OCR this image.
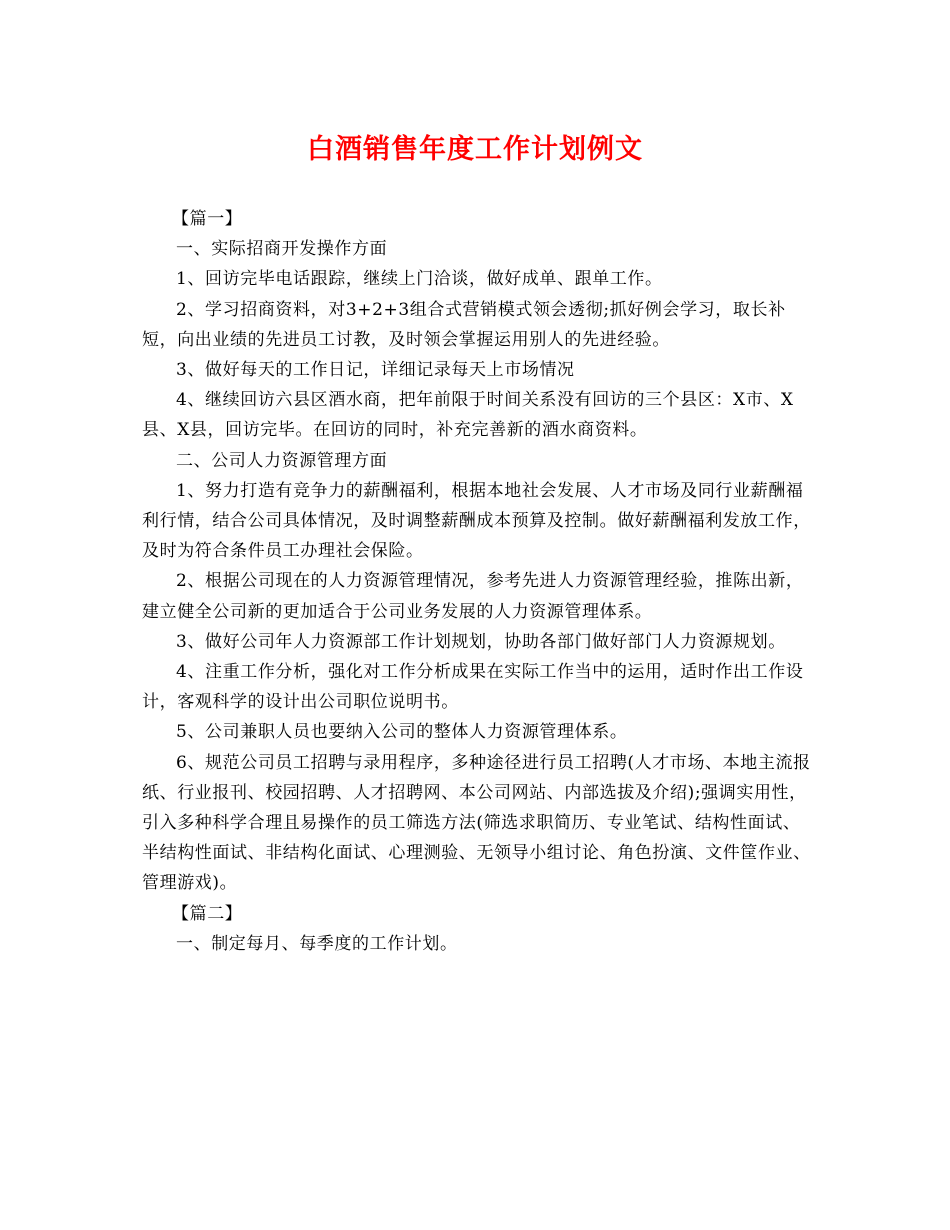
白酒销售年度工作计划例文

【篇一】

一、实际招商开发操作方面

1、回访完毕电话跟踪，继续上门洽谈，做好成单、跟单工作。

2、学习招商资料，对3+2+3组合式营销模式领会透彻;抓好例会学习，取长补短，向出业绩的先进员工讨教，及时领会掌握运用别人的先进经验。

3、做好每天的工作日记，详细记录每天上市场情况

4、继续回访六县区酒水商，把年前限于时间关系没有回访的三个县区：X市、X县、X县，回访完毕。在回访的同时，补充完善新的酒水商资料。

二、公司人力资源管理方面

1、努力打造有竞争力的薪酬福利，根据本地社会发展、人才市场及同行业薪酬福利行情，结合公司具体情况，及时调整薪酬成本预算及控制。做好薪酬福利发放工作，及时为符合条件员工办理社会保险。

2、根据公司现在的人力资源管理情况，参考先进人力资源管理经验，推陈出新，建立健全公司新的更加适合于公司业务发展的人力资源管理体系。

3、做好公司年人力资源部工作计划规划，协助各部门做好部门人力资源规划。

4、注重工作分析，强化对工作分析成果在实际工作当中的运用，适时作出工作设计，客观科学的设计出公司职位说明书。

5、公司兼职人员也要纳入公司的整体人力资源管理体系。

6、规范公司员工招聘与录用程序，多种途径进行员工招聘(人才市场、本地主流报纸、行业报刊、校园招聘、人才招聘网、本公司网站、内部选拔及介绍);强调实用性，引入多种科学合理且易操作的员工筛选方法(筛选求职简历、专业笔试、结构性面试、半结构性面试、非结构化面试、心理测验、无领导小组讨论、角色扮演、文件筐作业、管理游戏)。

【篇二】

一、制定每月、每季度的工作计划。
